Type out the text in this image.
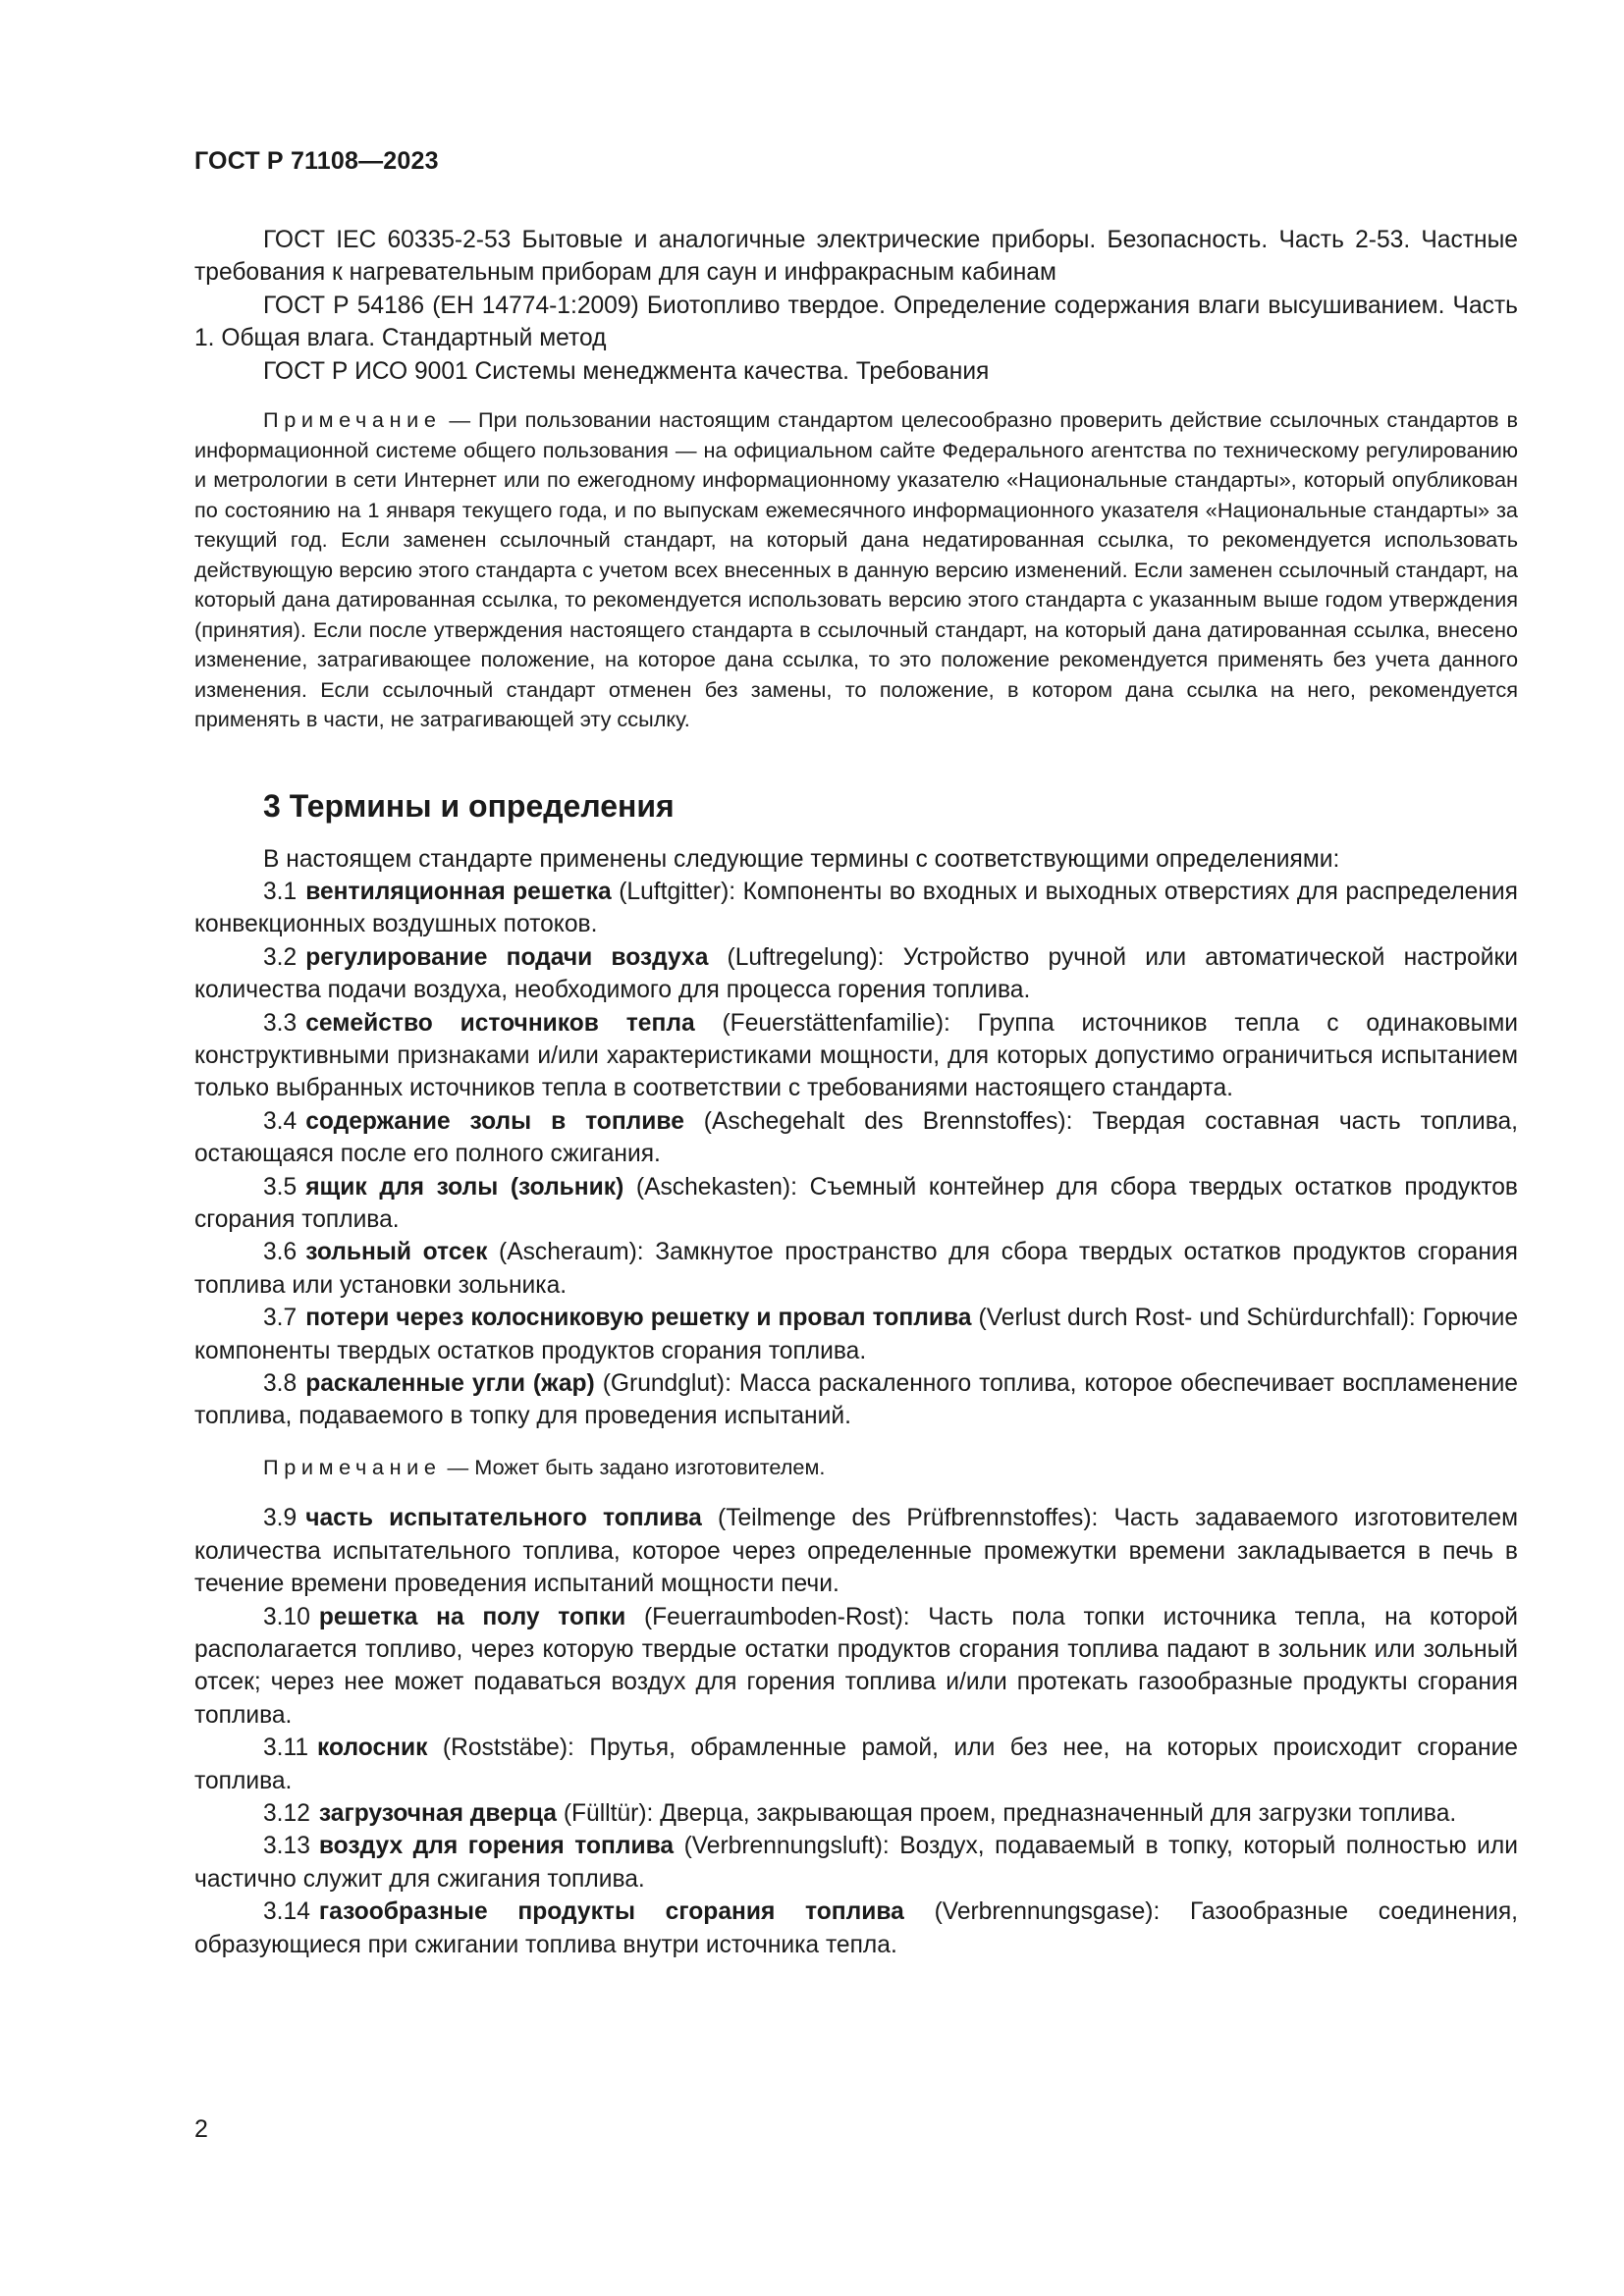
ГОСТ Р 71108—2023

ГОСТ IEC 60335-2-53 Бытовые и аналогичные электрические приборы. Безопасность. Часть 2-53. Частные требования к нагревательным приборам для саун и инфракрасным кабинам

ГОСТ Р 54186 (ЕН 14774-1:2009) Биотопливо твердое. Определение содержания влаги высушиванием. Часть 1. Общая влага. Стандартный метод

ГОСТ Р ИСО 9001 Системы менеджмента качества. Требования

Примечание — При пользовании настоящим стандартом целесообразно проверить действие ссылочных стандартов в информационной системе общего пользования — на официальном сайте Федерального агентства по техническому регулированию и метрологии в сети Интернет или по ежегодному информационному указателю «Национальные стандарты», который опубликован по состоянию на 1 января текущего года, и по выпускам ежемесячного информационного указателя «Национальные стандарты» за текущий год. Если заменен ссылочный стандарт, на который дана недатированная ссылка, то рекомендуется использовать действующую версию этого стандарта с учетом всех внесенных в данную версию изменений. Если заменен ссылочный стандарт, на который дана датированная ссылка, то рекомендуется использовать версию этого стандарта с указанным выше годом утверждения (принятия). Если после утверждения настоящего стандарта в ссылочный стандарт, на который дана датированная ссылка, внесено изменение, затрагивающее положение, на которое дана ссылка, то это положение рекомендуется применять без учета данного изменения. Если ссылочный стандарт отменен без замены, то положение, в котором дана ссылка на него, рекомендуется применять в части, не затрагивающей эту ссылку.

3 Термины и определения

В настоящем стандарте применены следующие термины с соответствующими определениями:

3.1 вентиляционная решетка (Luftgitter): Компоненты во входных и выходных отверстиях для распределения конвекционных воздушных потоков.

3.2 регулирование подачи воздуха (Luftregelung): Устройство ручной или автоматической настройки количества подачи воздуха, необходимого для процесса горения топлива.

3.3 семейство источников тепла (Feuerstättenfamilie): Группа источников тепла с одинаковыми конструктивными признаками и/или характеристиками мощности, для которых допустимо ограничиться испытанием только выбранных источников тепла в соответствии с требованиями настоящего стандарта.

3.4 содержание золы в топливе (Aschegehalt des Brennstoffes): Твердая составная часть топлива, остающаяся после его полного сжигания.

3.5 ящик для золы (зольник) (Aschekasten): Съемный контейнер для сбора твердых остатков продуктов сгорания топлива.

3.6 зольный отсек (Ascheraum): Замкнутое пространство для сбора твердых остатков продуктов сгорания топлива или установки зольника.

3.7 потери через колосниковую решетку и провал топлива (Verlust durch Rost- und Schürdurchfall): Горючие компоненты твердых остатков продуктов сгорания топлива.

3.8 раскаленные угли (жар) (Grundglut): Масса раскаленного топлива, которое обеспечивает воспламенение топлива, подаваемого в топку для проведения испытаний.

Примечание — Может быть задано изготовителем.

3.9 часть испытательного топлива (Teilmenge des Prüfbrennstoffes): Часть задаваемого изготовителем количества испытательного топлива, которое через определенные промежутки времени закладывается в печь в течение времени проведения испытаний мощности печи.

3.10 решетка на полу топки (Feuerraumboden-Rost): Часть пола топки источника тепла, на которой располагается топливо, через которую твердые остатки продуктов сгорания топлива падают в зольник или зольный отсек; через нее может подаваться воздух для горения топлива и/или протекать газообразные продукты сгорания топлива.

3.11 колосник (Roststäbe): Прутья, обрамленные рамой, или без нее, на которых происходит сгорание топлива.

3.12 загрузочная дверца (Fülltür): Дверца, закрывающая проем, предназначенный для загрузки топлива.

3.13 воздух для горения топлива (Verbrennungsluft): Воздух, подаваемый в топку, который полностью или частично служит для сжигания топлива.

3.14 газообразные продукты сгорания топлива (Verbrennungsgase): Газообразные соединения, образующиеся при сжигании топлива внутри источника тепла.

2
